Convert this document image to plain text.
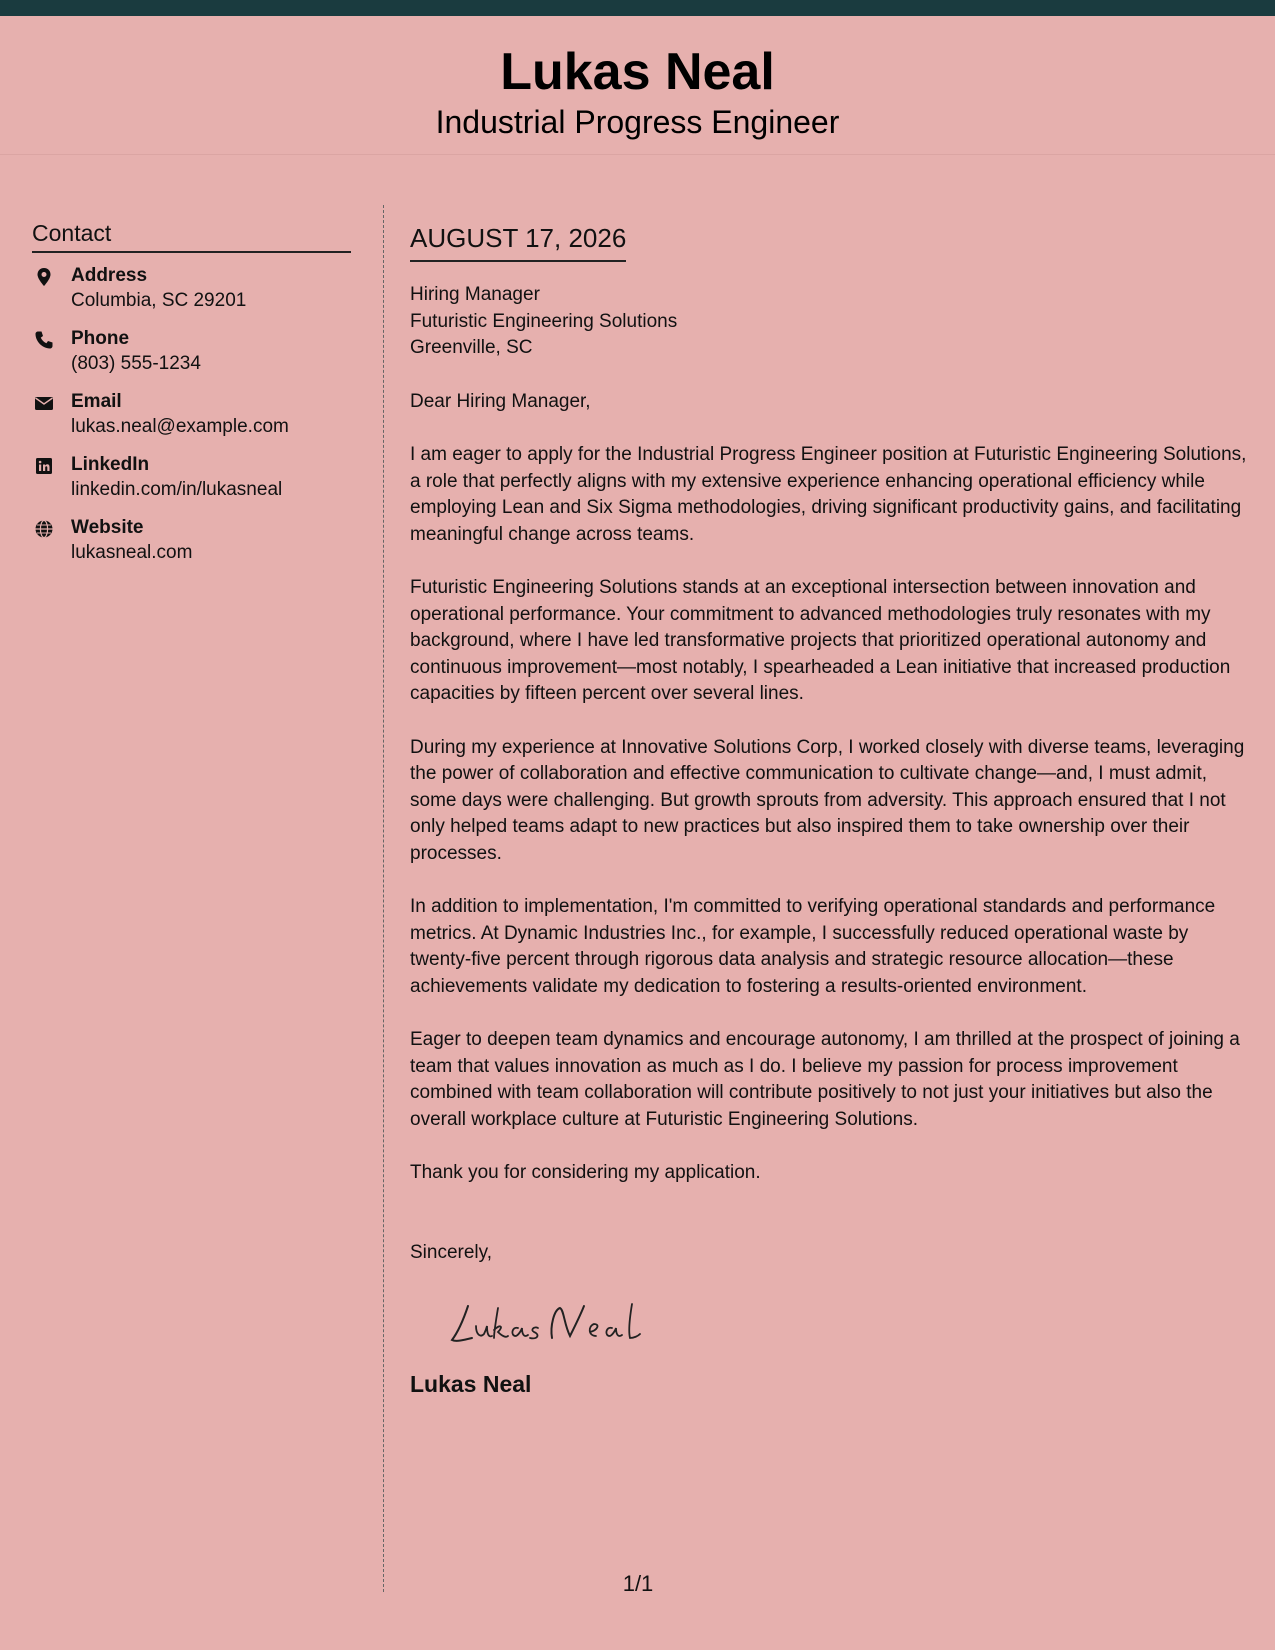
Lukas Neal
Industrial Progress Engineer
Contact
Address
Columbia, SC 29201
Phone
(803) 555-1234
Email
lukas.neal@example.com
LinkedIn
linkedin.com/in/lukasneal
Website
lukasneal.com
AUGUST 17, 2026
Hiring Manager
Futuristic Engineering Solutions
Greenville, SC
Dear Hiring Manager,
I am eager to apply for the Industrial Progress Engineer position at Futuristic Engineering Solutions, a role that perfectly aligns with my extensive experience enhancing operational efficiency while employing Lean and Six Sigma methodologies, driving significant productivity gains, and facilitating meaningful change across teams.
Futuristic Engineering Solutions stands at an exceptional intersection between innovation and operational performance. Your commitment to advanced methodologies truly resonates with my background, where I have led transformative projects that prioritized operational autonomy and continuous improvement—most notably, I spearheaded a Lean initiative that increased production capacities by fifteen percent over several lines.
During my experience at Innovative Solutions Corp, I worked closely with diverse teams, leveraging the power of collaboration and effective communication to cultivate change—and, I must admit, some days were challenging. But growth sprouts from adversity. This approach ensured that I not only helped teams adapt to new practices but also inspired them to take ownership over their processes.
In addition to implementation, I'm committed to verifying operational standards and performance metrics. At Dynamic Industries Inc., for example, I successfully reduced operational waste by twenty-five percent through rigorous data analysis and strategic resource allocation—these achievements validate my dedication to fostering a results-oriented environment.
Eager to deepen team dynamics and encourage autonomy, I am thrilled at the prospect of joining a team that values innovation as much as I do. I believe my passion for process improvement combined with team collaboration will contribute positively to not just your initiatives but also the overall workplace culture at Futuristic Engineering Solutions.
Thank you for considering my application.
Sincerely,
Lukas Neal
1/1
